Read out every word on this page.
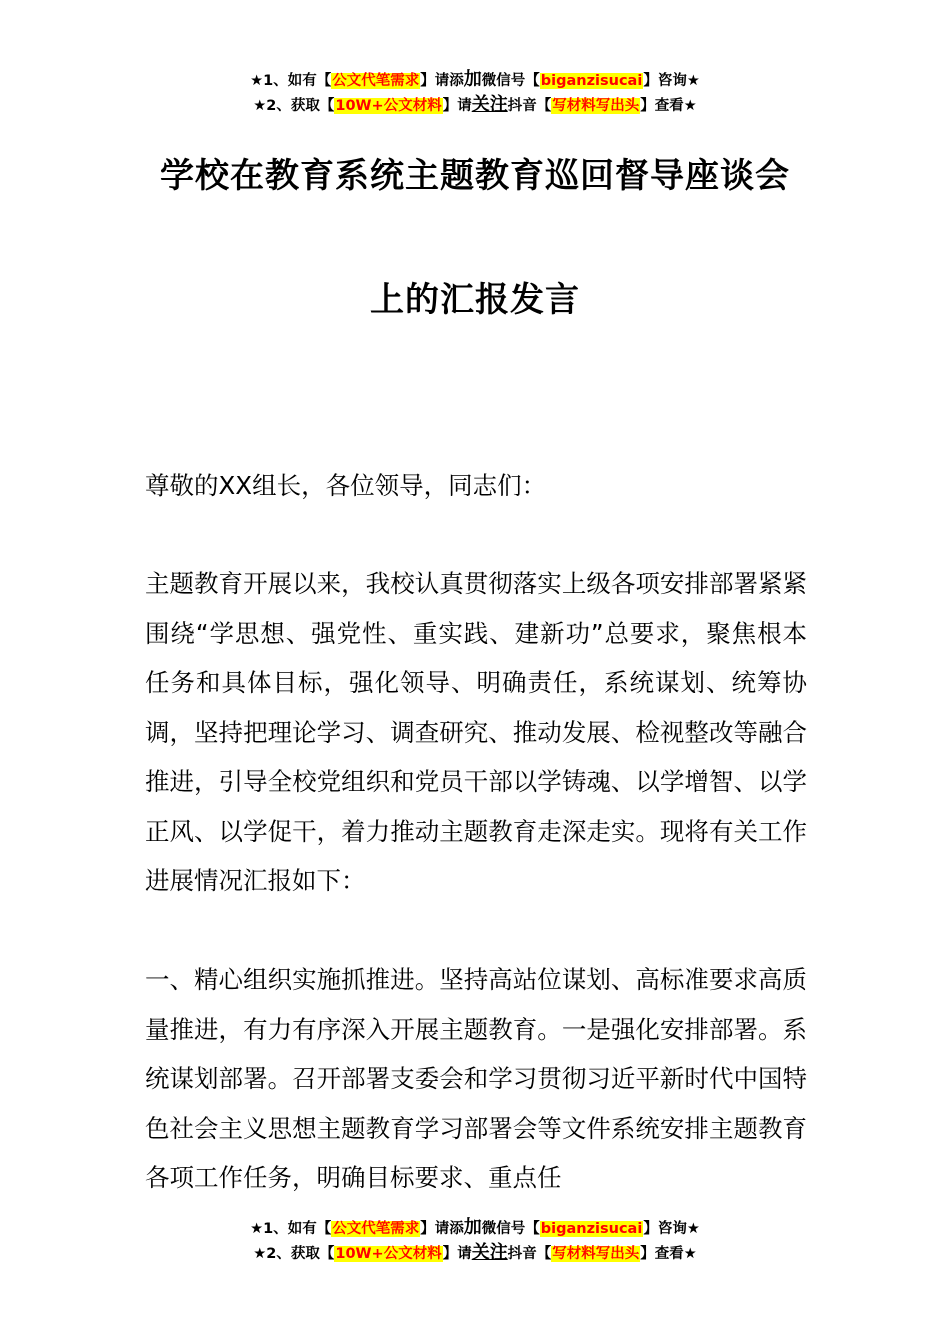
★1、如有【公文代笔需求】请添加微信号【biganzisucai】咨询★
★2、获取【10W+公文材料】请关注抖音【写材料写出头】查看★
学校在教育系统主题教育巡回督导座谈会
上的汇报发言

尊敬的XX组长，各位领导，同志们：

主题教育开展以来，我校认真贯彻落实上级各项安排部署紧紧围绕“学思想、强党性、重实践、建新功”总要求，聚焦根本任务和具体目标，强化领导、明确责任，系统谋划、统筹协调，坚持把理论学习、调查研究、推动发展、检视整改等融合推进，引导全校党组织和党员干部以学铸魂、以学增智、以学正风、以学促干，着力推动主题教育走深走实。现将有关工作进展情况汇报如下：

一、精心组织实施抓推进。坚持高站位谋划、高标准要求高质量推进，有力有序深入开展主题教育。一是强化安排部署。系统谋划部署。召开部署支委会和学习贯彻习近平新时代中国特色社会主义思想主题教育学习部署会等文件系统安排主题教育各项工作任务，明确目标要求、重点任

★1、如有【公文代笔需求】请添加微信号【biganzisucai】咨询★
★2、获取【10W+公文材料】请关注抖音【写材料写出头】查看★
